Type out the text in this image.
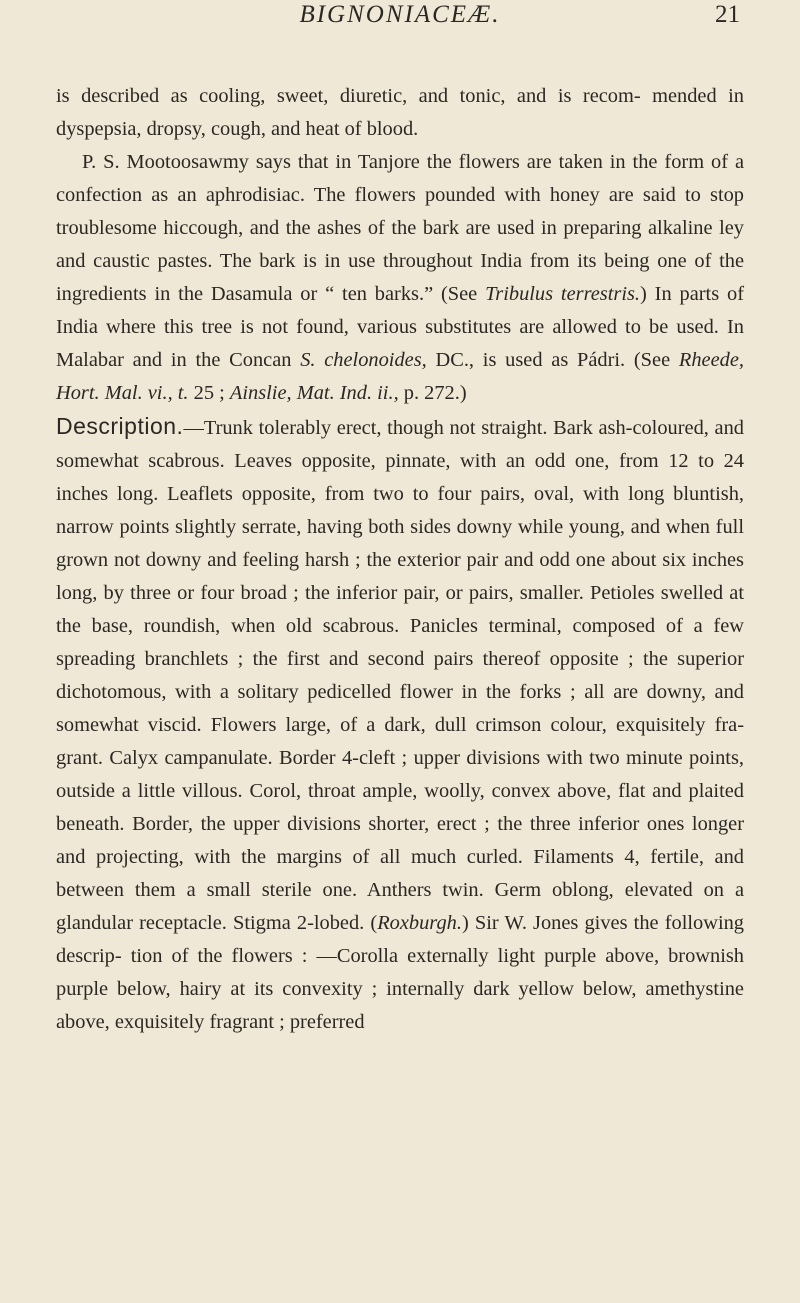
BIGNONIACEÆ.	21

is described as cooling, sweet, diuretic, and tonic, and is recom- mended in dyspepsia, dropsy, cough, and heat of blood.

P. S. Mootoosawmy says that in Tanjore the flowers are taken in the form of a confection as an aphrodisiac. The flowers pounded with honey are said to stop troublesome hiccough, and the ashes of the bark are used in preparing alkaline ley and caustic pastes. The bark is in use throughout India from its being one of the ingredients in the Dasamula or “ ten barks.” (See Tribulus terrestris.) In parts of India where this tree is not found, various substitutes are allowed to be used. In Malabar and in the Concan S. chelonoides, DC., is used as Pádri. (See Rheede, Hort. Mal. vi., t. 25 ; Ainslie, Mat. Ind. ii., p. 272.)

Description.—Trunk tolerably erect, though not straight. Bark ash-coloured, and somewhat scabrous. Leaves opposite, pinnate, with an odd one, from 12 to 24 inches long. Leaflets opposite, from two to four pairs, oval, with long bluntish, narrow points slightly serrate, having both sides downy while young, and when full grown not downy and feeling harsh ; the exterior pair and odd one about six inches long, by three or four broad ; the inferior pair, or pairs, smaller. Petioles swelled at the base, roundish, when old scabrous. Panicles terminal, composed of a few spreading branchlets ; the first and second pairs thereof opposite ; the superior dichotomous, with a solitary pedicelled flower in the forks ; all are downy, and somewhat viscid. Flowers large, of a dark, dull crimson colour, exquisitely fra- grant. Calyx campanulate. Border 4-cleft ; upper divisions with two minute points, outside a little villous. Corol, throat ample, woolly, convex above, flat and plaited beneath. Border, the upper divisions shorter, erect ; the three inferior ones longer and projecting, with the margins of all much curled. Filaments 4, fertile, and between them a small sterile one. Anthers twin. Germ oblong, elevated on a glandular receptacle. Stigma 2-lobed. (Roxburgh.) Sir W. Jones gives the following descrip- tion of the flowers : —Corolla externally light purple above, brownish purple below, hairy at its convexity ; internally dark yellow below, amethystine above, exquisitely fragrant ; preferred
